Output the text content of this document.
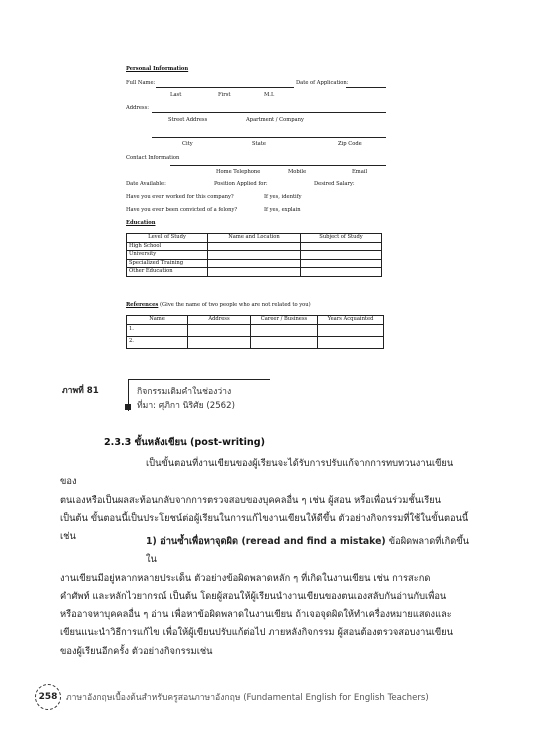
Personal Information
Full Name:	Date of Application:
Last	First	M.I.
Address:
Street Address	Apartment / Company
City	State	Zip Code
Contact Information
Home Telephone	Mobile	Email
Date Available:	Position Applied for:	Desired Salary:
Have you ever worked for this company?	If yes, identify
Have you ever been convicted of a felony?	If yes, explain
Education
Level of Study	Name and Location	Subject of Study
High School		
University		
Specialized Training		
Other Education		
References (Give the name of two people who are not related to you)
Name	Address	Career / Business	Years Acquainted
1.			
2.			
ภาพที่ 81	กิจกรรมเติมคำในช่องว่าง
ที่มา: ศุภิกา นิริศัย (2562)
2.3.3 ขั้นหลังเขียน (post-writing)
เป็นขั้นตอนที่งานเขียนของผู้เรียนจะได้รับการปรับแก้จากการทบทวนงานเขียนของ
ตนเองหรือเป็นผลสะท้อนกลับจากการตรวจสอบของบุคคลอื่น ๆ เช่น ผู้สอน หรือเพื่อนร่วมชั้นเรียน
เป็นต้น ขั้นตอนนี้เป็นประโยชน์ต่อผู้เรียนในการแก้ไขงานเขียนให้ดีขึ้น ตัวอย่างกิจกรรมที่ใช้ในขั้นตอนนี้
เช่น	1) อ่านซ้ำเพื่อหาจุดผิด (reread and find a mistake) ข้อผิดพลาดที่เกิดขึ้นใน
งานเขียนมีอยู่หลากหลายประเด็น ตัวอย่างข้อผิดพลาดหลัก ๆ ที่เกิดในงานเขียน เช่น การสะกด
คำศัพท์ และหลักไวยากรณ์ เป็นต้น โดยผู้สอนให้ผู้เรียนนำงานเขียนของตนเองสลับกันอ่านกับเพื่อน
หรืออาจหาบุคคลอื่น ๆ อ่าน เพื่อหาข้อผิดพลาดในงานเขียน ถ้าเจอจุดผิดให้ทำเครื่องหมายแสดงและ
เขียนแนะนำวิธีการแก้ไข เพื่อให้ผู้เขียนปรับแก้ต่อไป ภายหลังกิจกรรม ผู้สอนต้องตรวจสอบงานเขียน
ของผู้เรียนอีกครั้ง ตัวอย่างกิจกรรมเช่น
258	ภาษาอังกฤษเบื้องต้นสำหรับครูสอนภาษาอังกฤษ (Fundamental English for English Teachers)
